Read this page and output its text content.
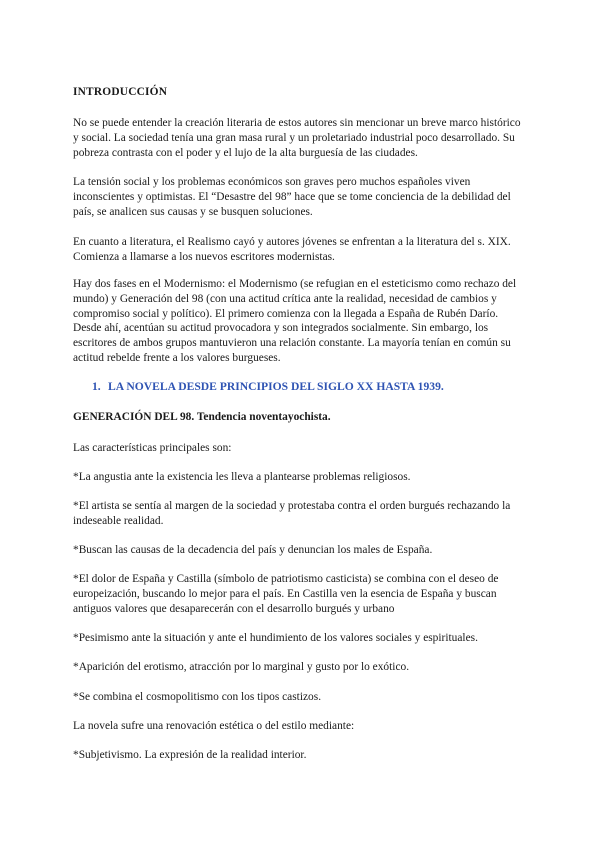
INTRODUCCIÓN

No se puede entender la creación literaria de estos autores sin mencionar un breve marco histórico y social. La sociedad tenía una gran masa rural y un proletariado industrial poco desarrollado. Su pobreza contrasta con el poder y el lujo de la alta burguesía de las ciudades.

La tensión social y los problemas económicos son graves pero muchos españoles viven inconscientes y optimistas. El “Desastre del 98” hace que se tome conciencia de la debilidad del país, se analicen sus causas y se busquen soluciones.

En cuanto a literatura, el Realismo cayó y autores jóvenes se enfrentan a la literatura del s. XIX. Comienza a llamarse a los nuevos escritores modernistas.

Hay dos fases en el Modernismo: el Modernismo (se refugian en el esteticismo como rechazo del mundo) y Generación del 98 (con una actitud crítica ante la realidad, necesidad de cambios y compromiso social y político). El primero comienza con la llegada a España de Rubén Darío. Desde ahí, acentúan su actitud provocadora y son integrados socialmente. Sin embargo, los escritores de ambos grupos mantuvieron una relación constante. La mayoría tenían en común su actitud rebelde frente a los valores burgueses.

1. LA NOVELA DESDE PRINCIPIOS DEL SIGLO XX HASTA 1939.
GENERACIÓN DEL 98. Tendencia noventayochista.

Las características principales son:

*La angustia ante la existencia les lleva a plantearse problemas religiosos.

*El artista se sentía al margen de la sociedad y protestaba contra el orden burgués rechazando la indeseable realidad.

*Buscan las causas de la decadencia del país y denuncian los males de España.

*El dolor de España y Castilla (símbolo de patriotismo casticista) se combina con el deseo de europeización, buscando lo mejor para el país. En Castilla ven la esencia de España y buscan antiguos valores que desaparecerán con el desarrollo burgués y urbano

*Pesimismo ante la situación y ante el hundimiento de los valores sociales y espirituales.

*Aparición del erotismo, atracción por lo marginal y gusto por lo exótico.

*Se combina el cosmopolitismo con los tipos castizos.

La novela sufre una renovación estética o del estilo mediante:

*Subjetivismo. La expresión de la realidad interior.
